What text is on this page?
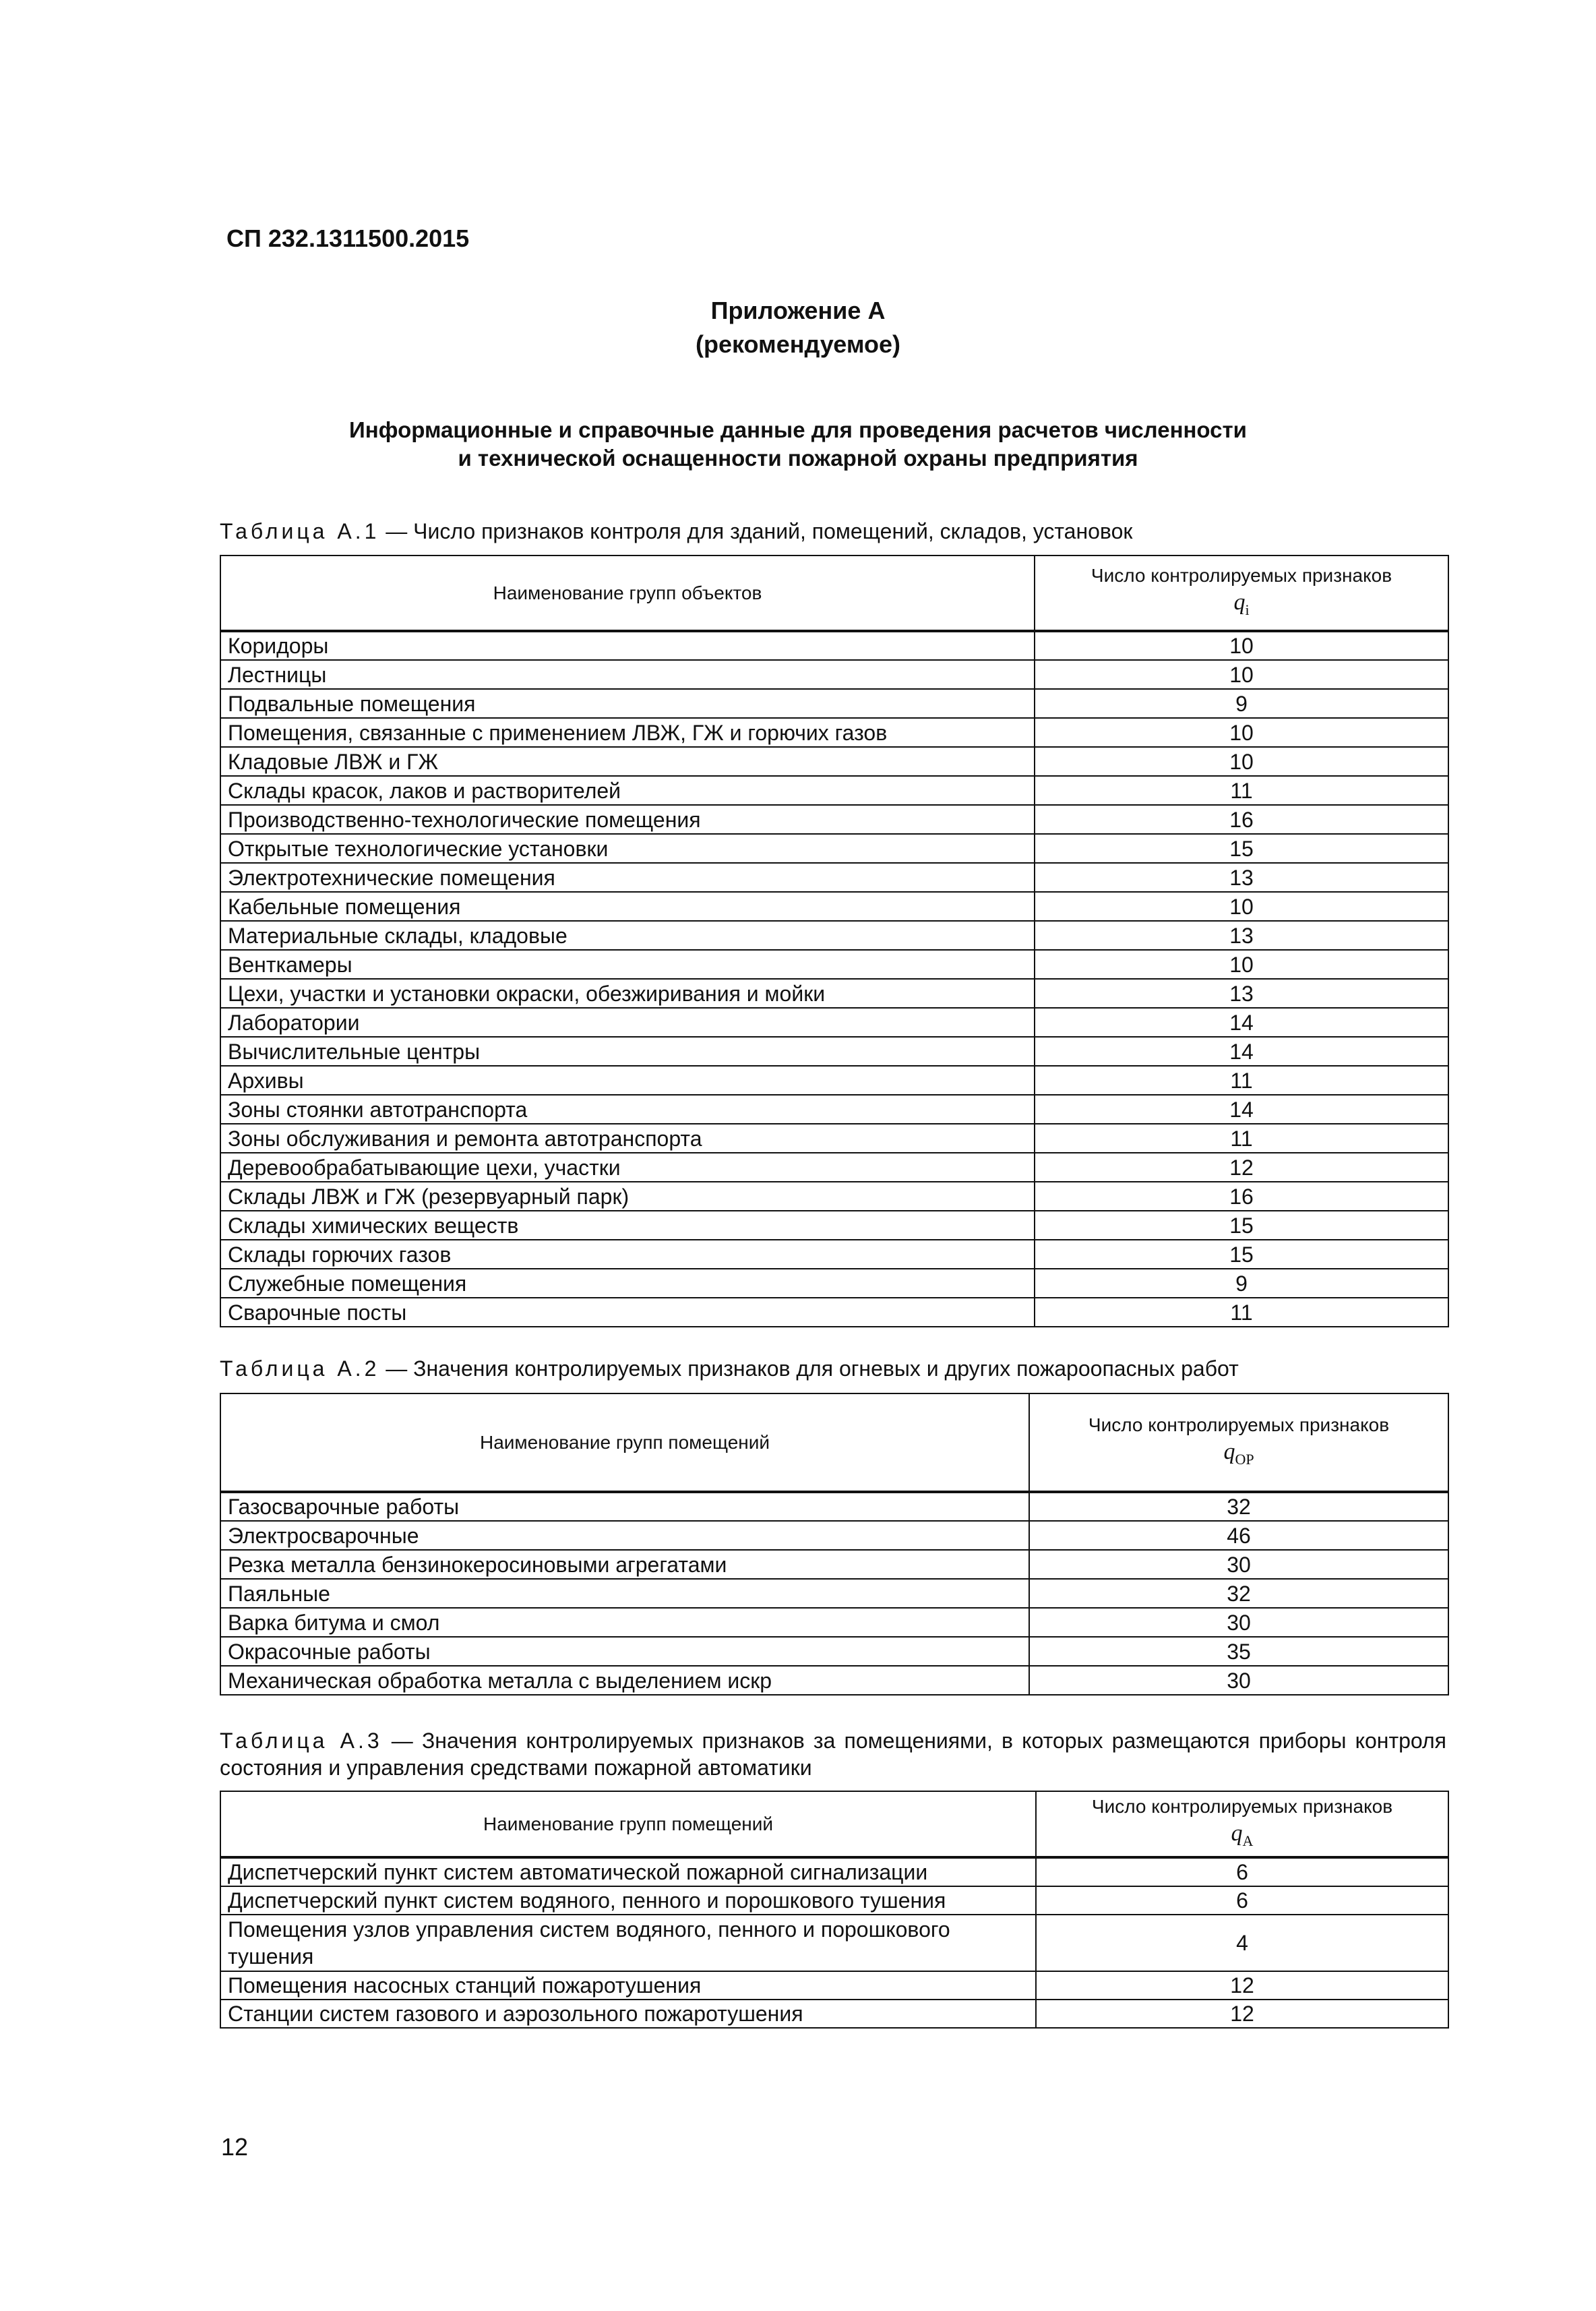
СП 232.1311500.2015
Приложение А
(рекомендуемое)
Информационные и справочные данные для проведения расчетов численности
и технической оснащенности пожарной охраны предприятия
Таблица А.1 — Число признаков контроля для зданий, помещений, складов, установок
Наименование групп объектов	Число контролируемых признаков
$q_i$

Коридоры	10
Лестницы	10
Подвальные помещения	9
Помещения, связанные с применением ЛВЖ, ГЖ и горючих газов	10
Кладовые ЛВЖ и ГЖ	10
Склады красок, лаков и растворителей	11
Производственно-технологические помещения	16
Открытые технологические установки	15
Электротехнические помещения	13
Кабельные помещения	10
Материальные склады, кладовые	13
Венткамеры	10
Цехи, участки и установки окраски, обезжиривания и мойки	13
Лаборатории	14
Вычислительные центры	14
Архивы	11
Зоны стоянки автотранспорта	14
Зоны обслуживания и ремонта автотранспорта	11
Деревообрабатывающие цехи, участки	12
Склады ЛВЖ и ГЖ (резервуарный парк)	16
Склады химических веществ	15
Склады горючих газов	15
Служебные помещения	9
Сварочные посты	11
Таблица А.2 — Значения контролируемых признаков для огневых и других пожароопасных работ
Наименование групп помещений	Число контролируемых признаков
$q_{ОР}$

Газосварочные работы	32
Электросварочные	46
Резка металла бензинокеросиновыми агрегатами	30
Паяльные	32
Варка битума и смол	30
Окрасочные работы	35
Механическая обработка металла с выделением искр	30
Таблица А.3 — Значения контролируемых признаков за помещениями, в которых размещаются приборы контроля состояния и управления средствами пожарной автоматики
Наименование групп помещений	Число контролируемых признаков
$q_А$

Диспетчерский пункт систем автоматической пожарной сигнализации	6
Диспетчерский пункт систем водяного, пенного и порошкового тушения	6
Помещения узлов управления систем водяного, пенного и порошкового тушения	4
Помещения насосных станций пожаротушения	12
Станции систем газового и аэрозольного пожаротушения	12
12
